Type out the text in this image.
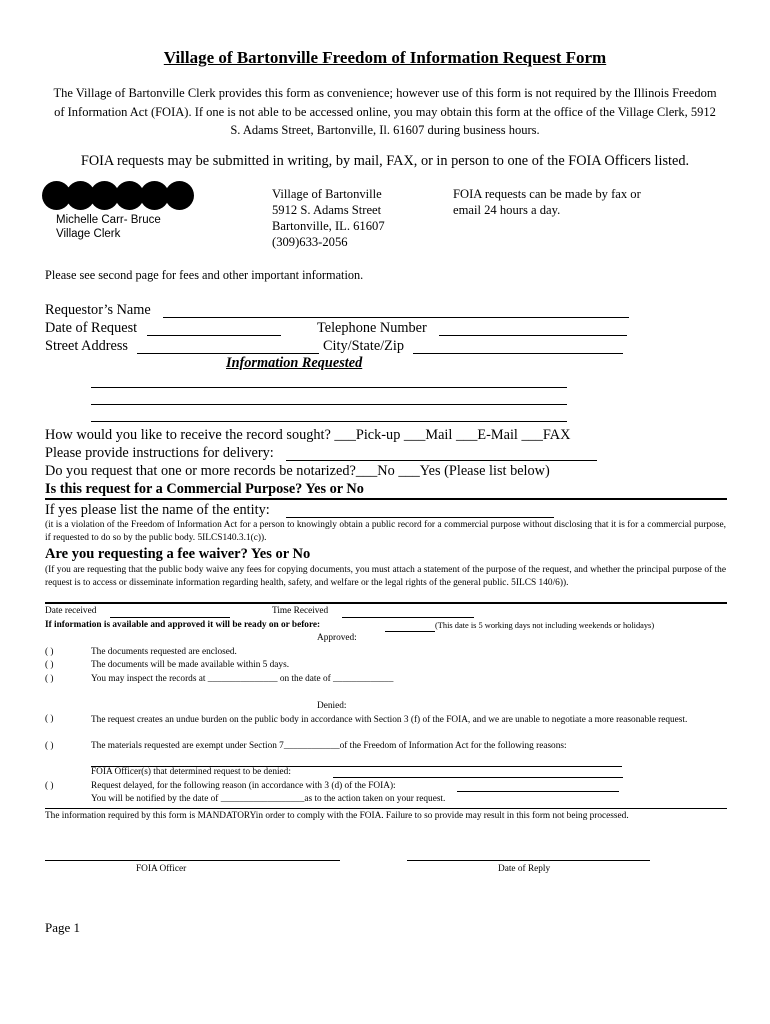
Village of Bartonville Freedom of Information Request Form
The Village of Bartonville Clerk provides this form as convenience; however use of this form is not required by the Illinois Freedom of Information Act (FOIA). If one is not able to be accessed online, you may obtain this form at the office of the Village Clerk, 5912 S. Adams Street, Bartonville, Il. 61607 during business hours.
FOIA requests may be submitted in writing, by mail, FAX, or in person to one of the FOIA Officers listed.
Michelle Carr- Bruce
Village Clerk
Village of Bartonville
5912 S. Adams Street
Bartonville, IL. 61607
(309)633-2056
FOIA requests can be made by fax or
email 24 hours a day.
Please see second page for fees and other important information.
Requestor’s Name
Date of Request	Telephone Number
Street Address	City/State/Zip
Information Requested
How would you like to receive the record sought? ___Pick-up ___Mail ___E-Mail ___FAX
Please provide instructions for delivery:
Do you request that one or more records be notarized?___No ___Yes (Please list below)
Is this request for a Commercial Purpose? Yes or No
If yes please list the name of the entity:
(it is a violation of the Freedom of Information Act for a person to knowingly obtain a public record for a commercial purpose without disclosing that it is for a commercial purpose, if requested to do so by the public body. 5ILCS140.3.1(c)).
Are you requesting a fee waiver? Yes or No
(If you are requesting that the public body waive any fees for copying documents, you must attach a statement of the purpose of the request, and whether the principal purpose of the request is to access or disseminate information regarding health, safety, and welfare or the legal rights of the general public. 5ILCS 140/6)).
Date received	Time Received
If information is available and approved it will be ready on or before:	(This date is 5 working days not including weekends or holidays)
Approved:
( )	The documents requested are enclosed.
( )	The documents will be made available within 5 days.
( )	You may inspect the records at _______________ on the date of _____________
Denied:
( )	The request creates an undue burden on the public body in accordance with Section 3 (f) of the FOIA, and we are unable to negotiate a more reasonable request.
( )	The materials requested are exempt under Section 7____________of the Freedom of Information Act for the following reasons:
FOIA Officer(s) that determined request to be denied:
( )	Request delayed, for the following reason (in accordance with 3 (d) of the FOIA):
You will be notified by the date of __________________as to the action taken on your request.
The information required by this form is MANDATORYin order to comply with the FOIA. Failure to so provide may result in this form not being processed.
FOIA Officer	Date of Reply
Page 1
